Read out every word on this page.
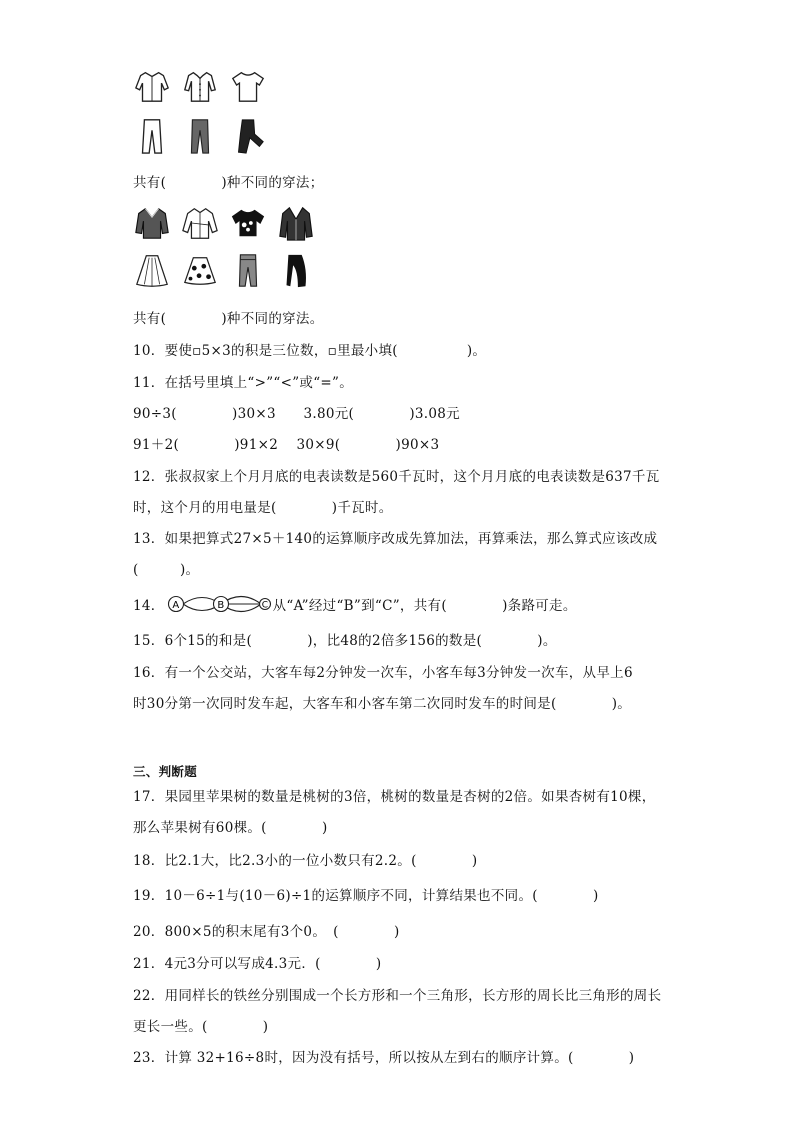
共有(　　　　)种不同的穿法；
共有(　　　　)种不同的穿法。
10．要使▫5×3的积是三位数，▫里最小填(　　　　　)。
11．在括号里填上“>”“<”或“=”。
90÷3(　　　　)30×3　　3.80元(　　　　)3.08元
91＋2(　　　　)91×2　 30×9(　　　　)90×3
12．张叔叔家上个月月底的电表读数是560千瓦时，这个月月底的电表读数是637千瓦
时，这个月的用电量是(　　　　)千瓦时。
13．如果把算式27×5＋140的运算顺序改成先算加法，再算乘法，那么算式应该改成
(　　　)。
14． A	B	C 从“A”经过“B”到“C”，共有(　　　　)条路可走。
15．6个15的和是(　　　　)，比48的2倍多156的数是(　　　　)。
16．有一个公交站，大客车每2分钟发一次车，小客车每3分钟发一次车，从早上6
时30分第一次同时发车起，大客车和小客车第二次同时发车的时间是(　　　　)。
三、判断题
17．果园里苹果树的数量是桃树的3倍，桃树的数量是杏树的2倍。如果杏树有10棵，
那么苹果树有60棵。(　　　　)
18．比2.1大，比2.3小的一位小数只有2.2。(　　　　)
19．10－6÷1与(10－6)÷1的运算顺序不同，计算结果也不同。(　　　　)
20．800×5的积末尾有3个0。　(　　　　)
21．4元3分可以写成4.3元．(　　　　)
22．用同样长的铁丝分别围成一个长方形和一个三角形，长方形的周长比三角形的周长
更长一些。(　　　　)
23．计算 32+16÷8时，因为没有括号，所以按从左到右的顺序计算。(　　　　)
